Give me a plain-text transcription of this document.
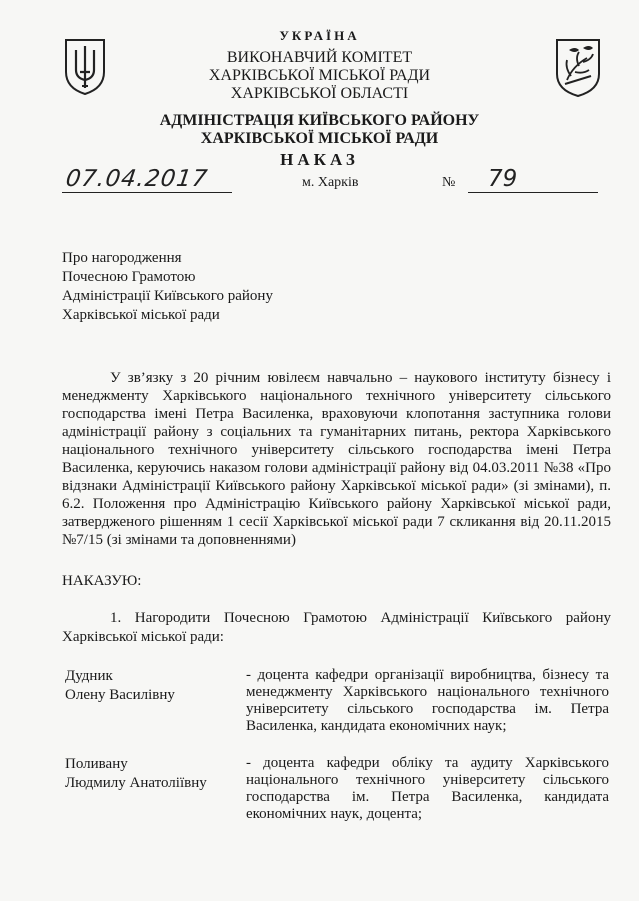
УКРАЇНА
ВИКОНАВЧИЙ КОМІТЕТ
ХАРКІВСЬКОЇ МІСЬКОЇ РАДИ
ХАРКІВСЬКОЇ ОБЛАСТІ
АДМІНІСТРАЦІЯ КИЇВСЬКОГО РАЙОНУ
ХАРКІВСЬКОЇ МІСЬКОЇ РАДИ
НАКАЗ
07.04.2017	м. Харків	№ 79
Про нагородження
Почесною Грамотою
Адміністрації Київського району
Харківської міської ради
У зв’язку з 20 річним ювілеєм навчально – наукового інституту бізнесу і менеджменту Харківського національного технічного університету сільського господарства імені Петра Василенка, враховуючи клопотання заступника голови адміністрації району з соціальних та гуманітарних питань, ректора Харківського національного технічного університету сільського господарства імені Петра Василенка, керуючись наказом голови адміністрації району від 04.03.2011 №38 «Про відзнаки Адміністрації Київського району Харківської міської ради» (зі змінами), п. 6.2. Положення про Адміністрацію Київського району Харківської міської ради, затвердженого рішенням 1 сесії Харківської міської ради 7 скликання від 20.11.2015 №7/15 (зі змінами та доповненнями)
НАКАЗУЮ:
1. Нагородити Почесною Грамотою Адміністрації Київського району Харківської міської ради:
Дудник
Олену Василівну
- доцента кафедри організації виробництва, бізнесу та менеджменту Харківського національного технічного університету сільського господарства ім. Петра Василенка, кандидата економічних наук;
Поливану
Людмилу Анатоліївну
- доцента кафедри обліку та аудиту Харківського національного технічного університету сільського господарства ім. Петра Василенка, кандидата економічних наук, доцента;
